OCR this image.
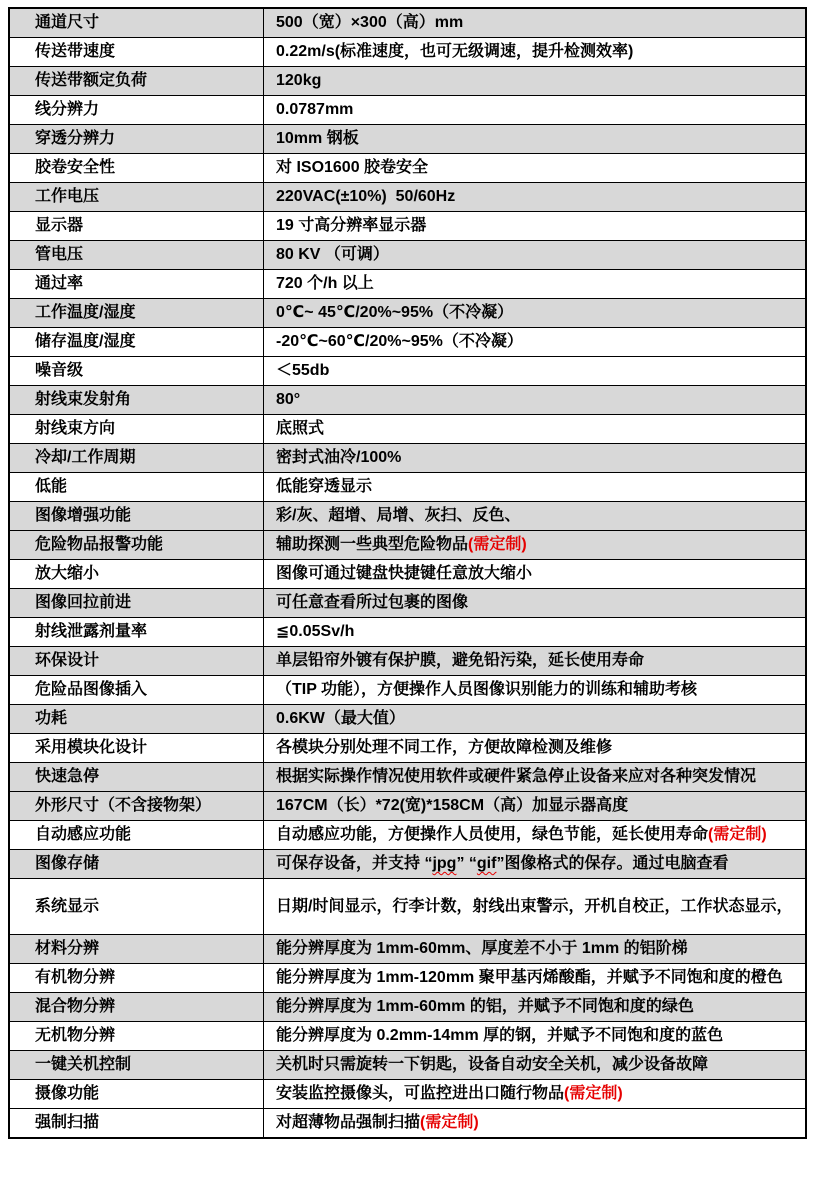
通道尺寸	500（宽）×300（高）mm
传送带速度	0.22m/s(标准速度，也可无级调速，提升检测效率)
传送带额定负荷	120kg
线分辨力	0.0787mm
穿透分辨力	10mm 钢板
胶卷安全性	对 ISO1600 胶卷安全
工作电压	220VAC(±10%)  50/60Hz
显示器	19 寸高分辨率显示器
管电压	80 KV （可调）
通过率	720 个/h 以上
工作温度/湿度	0℃~ 45℃/20%~95%（不冷凝）
储存温度/湿度	-20℃~60℃/20%~95%（不冷凝）
噪音级	＜55db
射线束发射角	80°
射线束方向	底照式
冷却/工作周期	密封式油冷/100%
低能	低能穿透显示
图像增强功能	彩/灰、超增、局增、灰扫、反色、
危险物品报警功能	辅助探测一些典型危险物品(需定制)
放大缩小	图像可通过键盘快捷键任意放大缩小
图像回拉前进	可任意查看所过包裹的图像
射线泄露剂量率	≦0.05Sv/h
环保设计	单层铅帘外镀有保护膜，避免铅污染，延长使用寿命
危险品图像插入	（TIP 功能），方便操作人员图像识别能力的训练和辅助考核
功耗	0.6KW（最大值）
采用模块化设计	各模块分别处理不同工作，方便故障检测及维修
快速急停	根据实际操作情况使用软件或硬件紧急停止设备来应对各种突发情况
外形尺寸（不含接物架）	167CM（长）*72(宽)*158CM（高）加显示器高度
自动感应功能	自动感应功能，方便操作人员使用，绿色节能，延长使用寿命(需定制)
图像存储	可保存设备，并支持 “jpg” “gif”图像格式的保存。通过电脑查看
系统显示	日期/时间显示，行李计数，射线出束警示，开机自校正，工作状态显示，
材料分辨	能分辨厚度为 1mm-60mm、厚度差不小于 1mm 的铝阶梯
有机物分辨	能分辨厚度为 1mm-120mm 聚甲基丙烯酸酯，并赋予不同饱和度的橙色
混合物分辨	能分辨厚度为 1mm-60mm 的铝，并赋予不同饱和度的绿色
无机物分辨	能分辨厚度为 0.2mm-14mm 厚的钢，并赋予不同饱和度的蓝色
一键关机控制	关机时只需旋转一下钥匙，设备自动安全关机，减少设备故障
摄像功能	安装监控摄像头，可监控进出口随行物品(需定制)
强制扫描	对超薄物品强制扫描(需定制)
